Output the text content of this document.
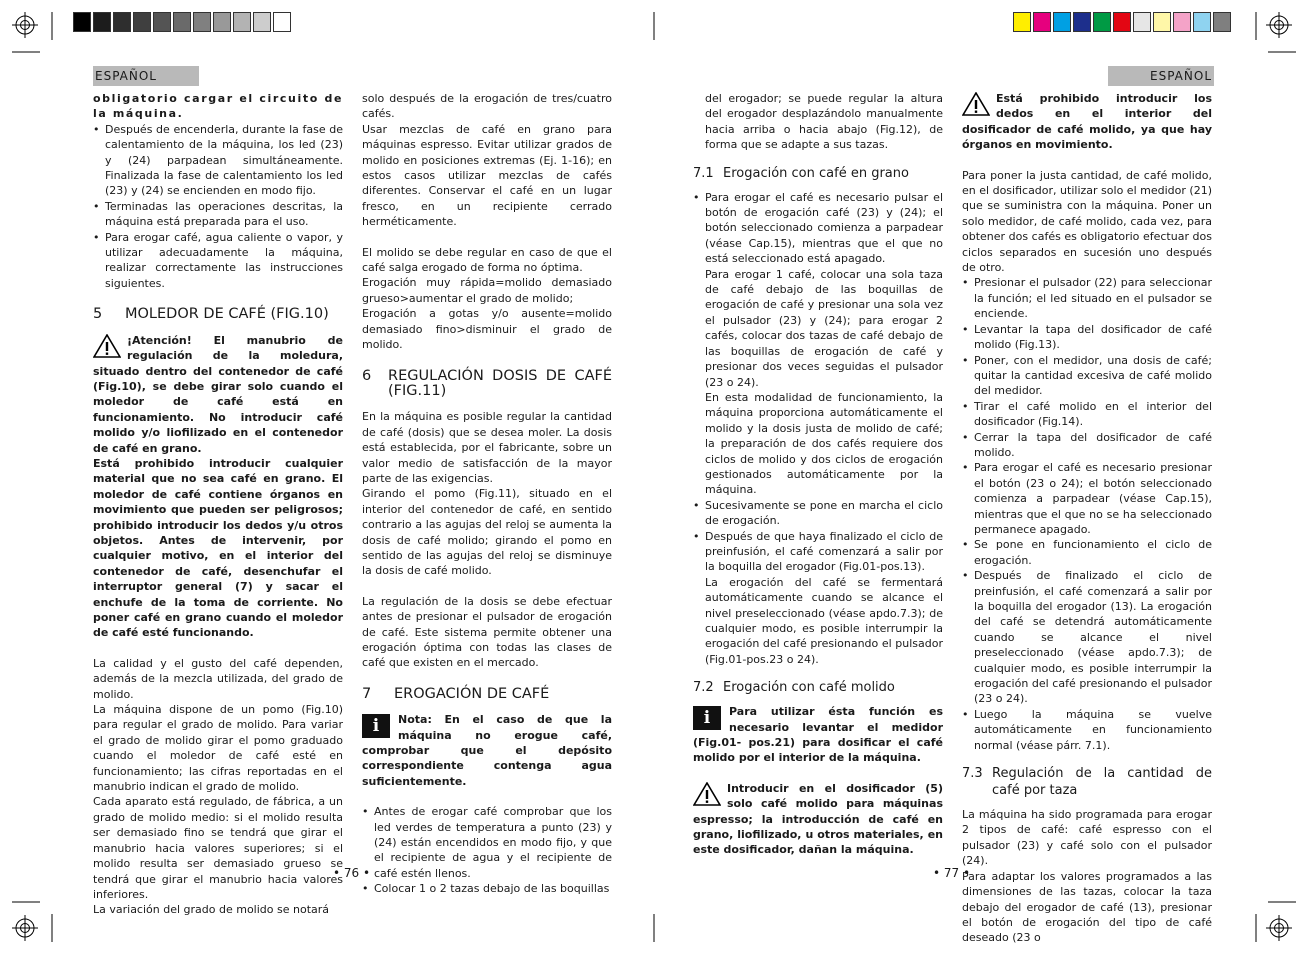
ESPAÑOL

obligatorio cargar el circuito de la máquina.

• Después de encenderla, durante la fase de calentamiento de la máquina, los led (23) y (24) parpadean simultáneamente. Finalizada la fase de calentamiento los led (23) y (24) se encienden en modo fijo.
• Terminadas las operaciones descritas, la máquina está preparada para el uso.
• Para erogar café, agua caliente o vapor, y utilizar adecuadamente la máquina, realizar correctamente las instrucciones siguientes.
5	MOLEDOR DE CAFÉ (FIG.10)

¡Atención! El manubrio de regulación de la moledura, situado dentro del contenedor de café (Fig.10), se debe girar solo cuando el moledor de café está en funcionamiento. No introducir café molido y/o liofilizado en el contenedor de café en grano.

Está prohibido introducir cualquier material que no sea café en grano. El moledor de café contiene órganos en movimiento que pueden ser peligrosos; prohibido introducir los dedos y/u otros objetos. Antes de intervenir, por cualquier motivo, en el interior del contenedor de café, desenchufar el interruptor general (7) y sacar el enchufe de la toma de corriente. No poner café en grano cuando el moledor de café esté funcionando.

La calidad y el gusto del café dependen, además de la mezcla utilizada, del grado de molido.

La máquina dispone de un pomo (Fig.10) para regular el grado de molido. Para variar el grado de molido girar el pomo graduado cuando el moledor de café esté en funcionamiento; las cifras reportadas en el manubrio indican el grado de molido.

Cada aparato está regulado, de fábrica, a un grado de molido medio: si el molido resulta ser demasiado fino se tendrá que girar el manubrio hacia valores superiores; si el molido resulta ser demasiado grueso se tendrá que girar el manubrio hacia valores inferiores.

La variación del grado de molido se notará

solo después de la erogación de tres/cuatro cafés.

Usar mezclas de café en grano para máquinas espresso. Evitar utilizar grados de molido en posiciones extremas (Ej. 1-16); en estos casos utilizar mezclas de cafés diferentes. Conservar el café en un lugar fresco, en un recipiente cerrado herméticamente.

El molido se debe regular en caso de que el café salga erogado de forma no óptima.

Erogación muy rápida=molido demasiado grueso>aumentar el grado de molido;

Erogación a gotas y/o ausente=molido demasiado fino>disminuir el grado de molido.

6	REGULACIÓN DOSIS DE CAFÉ (FIG.11)

En la máquina es posible regular la cantidad de café (dosis) que se desea moler. La dosis está establecida, por el fabricante, sobre un valor medio de satisfacción de la mayor parte de las exigencias.

Girando el pomo (Fig.11), situado en el interior del contenedor de café, en sentido contrario a las agujas del reloj se aumenta la dosis de café molido; girando el pomo en sentido de las agujas del reloj se disminuye la dosis de café molido.

La regulación de la dosis se debe efectuar antes de presionar el pulsador de erogación de café. Este sistema permite obtener una erogación óptima con todas las clases de café que existen en el mercado.

7	EROGACIÓN DE CAFÉ
i	Nota: En el caso de que la máquina no erogue café, comprobar que el depósito correspondiente contenga agua suficientemente.

• Antes de erogar café comprobar que los led verdes de temperatura a punto (23) y (24) están encendidos en modo fijo, y que el recipiente de agua y el recipiente de café estén llenos.
• Colocar 1 o 2 tazas debajo de las boquillas
• 76 •
ESPAÑOL

del erogador; se puede regular la altura del erogador desplazándolo manualmente hacia arriba o hacia abajo (Fig.12), de forma que se adapte a sus tazas.

7.1 Erogación con café en grano
• Para erogar el café es necesario pulsar el botón de erogación café (23) y (24); el botón seleccionado comienza a parpadear (véase Cap.15), mientras que el que no está seleccionado está apagado.
Para erogar 1 café, colocar una sola taza de café debajo de las boquillas de erogación de café y presionar una sola vez el pulsador (23) y (24); para erogar 2 cafés, colocar dos tazas de café debajo de las boquillas de erogación de café y presionar dos veces seguidas el pulsador (23 o 24).
En esta modalidad de funcionamiento, la máquina proporciona automáticamente el molido y la dosis justa de molido de café; la preparación de dos cafés requiere dos ciclos de molido y dos ciclos de erogación gestionados automáticamente por la máquina.
• Sucesivamente se pone en marcha el ciclo de erogación.
• Después de que haya finalizado el ciclo de preinfusión, el café comenzará a salir por la boquilla del erogador (Fig.01-pos.13).
La erogación del café se fermentará automáticamente cuando se alcance el nivel preseleccionado (véase apdo.7.3); de cualquier modo, es posible interrumpir la erogación del café presionando el pulsador (Fig.01-pos.23 o 24).
7.2 Erogación con café molido
i	Para utilizar ésta función es necesario levantar el medidor (Fig.01- pos.21) para dosificar el café molido por el interior de la máquina.

Introducir en el dosificador (5) solo café molido para máquinas espresso; la introducción de café en grano, liofilizado, u otros materiales, en este dosificador, dañan la máquina.

Está prohibido introducir los dedos en el interior del dosificador de café molido, ya que hay órganos en movimiento.

Para poner la justa cantidad, de café molido, en el dosificador, utilizar solo el medidor (21) que se suministra con la máquina. Poner un solo medidor, de café molido, cada vez, para obtener dos cafés es obligatorio efectuar dos ciclos separados en sucesión uno después de otro.

• Presionar el pulsador (22) para seleccionar la función; el led situado en el pulsador se enciende.
• Levantar la tapa del dosificador de café molido (Fig.13).
• Poner, con el medidor, una dosis de café; quitar la cantidad excesiva de café molido del medidor.
• Tirar el café molido en el interior del dosificador (Fig.14).
• Cerrar la tapa del dosificador de café molido.
• Para erogar el café es necesario presionar el botón (23 o 24); el botón seleccionado comienza a parpadear (véase Cap.15), mientras que el que no se ha seleccionado permanece apagado.
• Se pone en funcionamiento el ciclo de erogación.
• Después de finalizado el ciclo de preinfusión, el café comenzará a salir por la boquilla del erogador (13). La erogación del café se detendrá automáticamente cuando se alcance el nivel preseleccionado (véase apdo.7.3); de cualquier modo, es posible interrumpir la erogación del café presionando el pulsador (23 o 24).
• Luego la máquina se vuelve automáticamente en funcionamiento normal (véase párr. 7.1).
7.3 Regulación de la cantidad de café por taza

La máquina ha sido programada para erogar 2 tipos de café: café espresso con el pulsador (23) y café solo con el pulsador (24).

Para adaptar los valores programados a las dimensiones de las tazas, colocar la taza debajo del erogador de café (13), presionar el botón de erogación del tipo de café deseado (23 o

• 77 •
